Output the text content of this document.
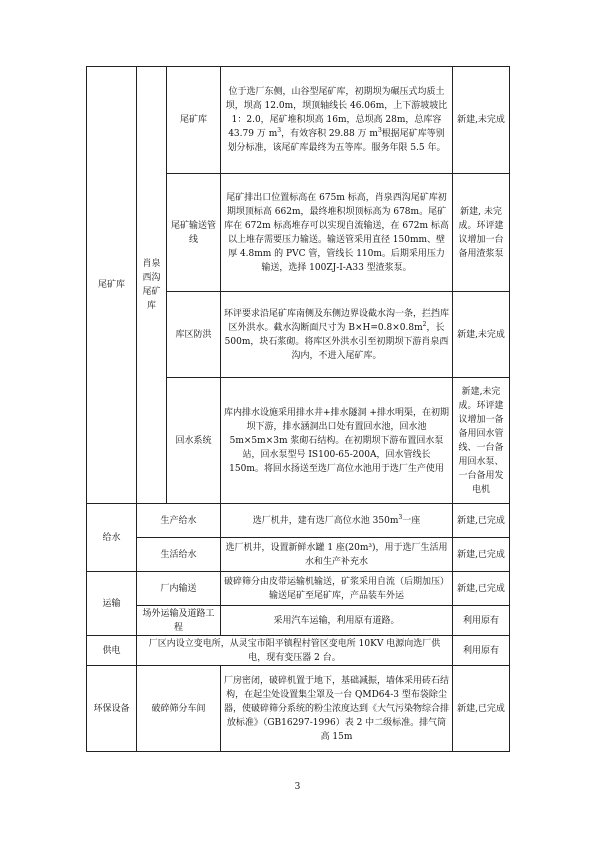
尾矿库	肖泉西沟尾矿库	尾矿库	位于选厂东侧，山谷型尾矿库，初期坝为碾压式均质土坝，坝高 12.0m，坝顶轴线长 46.06m，上下游坡坡比 1：2.0，尾矿堆积坝高 16m，总坝高 28m，总库容 43.79 万 $m^3$，有效容积 29.88 万 $m^3$根据尾矿库等别划分标准，该尾矿库最终为五等库。服务年限 5.5 年。	新建,未完成
		尾矿输送管线	尾矿排出口位置标高在 675m 标高，肖泉西沟尾矿库初期坝顶标高 662m，最终堆积坝顶标高为 678m。尾矿库在 672m 标高堆存可以实现自流输送，在 672m 标高以上堆存需要压力输送。输送管采用直径 150mm、壁厚 4.8mm 的 PVC 管，管线长 110m。后期采用压力输送，选择 100ZJ-I-A33 型渣浆泵。	新建, 未完成。环评建议增加一台备用渣浆泵
		库区防洪	环评要求沿尾矿库南侧及东侧边界设截水沟一条，拦挡库区外洪水。截水沟断面尺寸为 $B\times H=0.8\times 0.8m^2$，长 500m，块石浆砌。将库区外洪水引至初期坝下游肖泉西沟内，不进入尾矿库。	新建,未完成
		回水系统	库内排水设施采用排水井+排水隧洞 +排水明渠，在初期坝下游，排水涵洞出口处有置回水池，回水池 5m×5m×3m 浆砌石结构。在初期坝下游布置回水泵站，回水泵型号 IS100-65-200A，回水管线长 150m。将回水扬送至选厂高位水池用于选厂生产使用	新建,未完成。环评建议增加一备备用回水管线、一台备用回水泵、一台备用发电机
给水	生产给水		选厂机井，建有选厂高位水池 $350m^3$一座	新建,已完成
	生活给水		选厂机井，设置新鲜水罐 1 座(20m³)，用于选厂生活用水和生产补充水	新建,已完成
运输	厂内输送		破碎筛分由皮带运输机输送，矿浆采用自流（后期加压）输送尾矿至尾矿库，产品装车外运	新建,已完成
	场外运输及道路工程		采用汽车运输，利用原有道路。	利用原有
供电	厂区内设立变电所，从灵宝市阳平镇程村管区变电所 10KV 电源向选厂供电，现有变压器 2 台。			利用原有
环保设备	破碎筛分车间		厂房密闭，破碎机置于地下，基础减振，墙体采用砖石结构，在起尘处设置集尘罩及一台 QMD64-3 型布袋除尘器，使破碎筛分系统的粉尘浓度达到《大气污染物综合排放标准》（GB16297-1996）表 2 中二级标准。排气筒高 15m	新建,已完成
3
